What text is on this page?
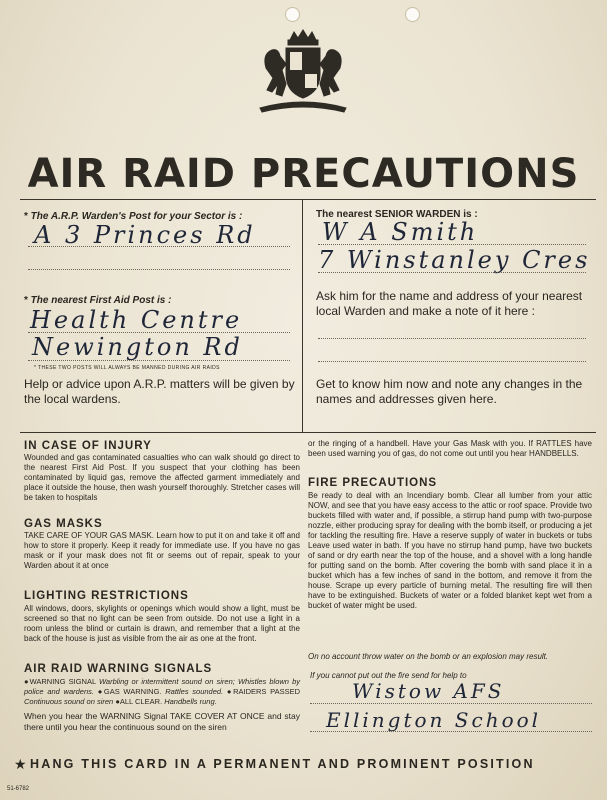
AIR RAID PRECAUTIONS
* The A.R.P. Warden's Post for your Sector is :
A 3 Princes Rd
* The nearest First Aid Post is :
Health Centre
Newington Rd
* THESE TWO POSTS WILL ALWAYS BE MANNED DURING AIR RAIDS
Help or advice upon A.R.P. matters will be given by the local wardens.
The nearest SENIOR WARDEN is :
W A Smith
7 Winstanley Cres
Ask him for the name and address of your nearest local Warden and make a note of it here :
Get to know him now and note any changes in the names and addresses given here.
IN CASE OF INJURY

Wounded and gas contaminated casualties who can walk should go direct to the nearest First Aid Post. If you suspect that your clothing has been contaminated by liquid gas, remove the affected garment immediately and place it outside the house, then wash yourself thoroughly. Stretcher cases will be taken to hospitals

GAS MASKS

TAKE CARE OF YOUR GAS MASK. Learn how to put it on and take it off and how to store it properly. Keep it ready for immediate use. If you have no gas mask or if your mask does not fit or seems out of repair, speak to your Warden about it at once

LIGHTING RESTRICTIONS

All windows, doors, skylights or openings which would show a light, must be screened so that no light can be seen from outside. Do not use a light in a room unless the blind or curtain is drawn, and remember that a light at the back of the house is just as visible from the air as one at the front.

AIR RAID WARNING SIGNALS

●WARNING SIGNAL Warbling or intermittent sound on siren; Whistles blown by police and wardens. ●GAS WARNING. Rattles sounded. ●RAIDERS PASSED Continuous sound on siren ●ALL CLEAR. Handbells rung.

When you hear the WARNING Signal TAKE COVER AT ONCE and stay there until you hear the continuous sound on the siren

or the ringing of a handbell. Have your Gas Mask with you. If RATTLES have been used warning you of gas, do not come out until you hear HANDBELLS.

FIRE PRECAUTIONS

Be ready to deal with an Incendiary bomb. Clear all lumber from your attic NOW, and see that you have easy access to the attic or roof space. Provide two buckets filled with water and, if possible, a stirrup hand pump with two-purpose nozzle, either producing spray for dealing with the bomb itself, or producing a jet for tackling the resulting fire. Have a reserve supply of water in buckets or tubs Leave used water in bath. If you have no stirrup hand pump, have two buckets of sand or dry earth near the top of the house, and a shovel with a long handle for putting sand on the bomb. After covering the bomb with sand place it in a bucket which has a few inches of sand in the bottom, and remove it from the house. Scrape up every particle of burning metal. The resulting fire will then have to be extinguished. Buckets of water or a folded blanket kept wet from a bucket of water might be used.

On no account throw water on the bomb or an explosion may result.

If you cannot put out the fire send for help to
Wistow AFS
Ellington School
★ HANG THIS CARD IN A PERMANENT AND PROMINENT POSITION
51-6782
